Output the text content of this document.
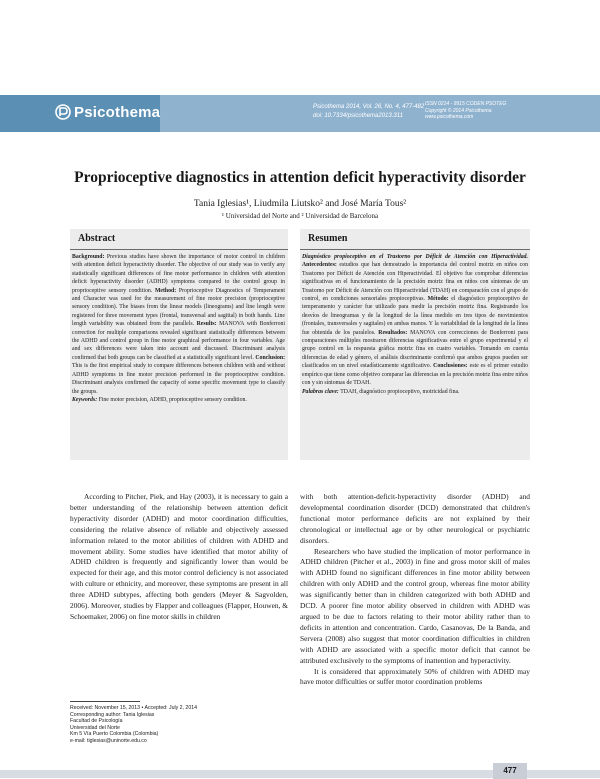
Psicothema	Psicothema 2014, Vol. 26, No. 4, 477-482
doi: 10.7334/psicothema2013.311
ISSN 0214 - 9915 CODEN PSOTEG
Copyright © 2014 Psicothema
www.psicothema.com
Proprioceptive diagnostics in attention deficit hyperactivity disorder
Tania Iglesias¹, Liudmila Liutsko² and José María Tous²
¹ Universidad del Norte and ² Universidad de Barcelona
Abstract
Background: Previous studies have shown the importance of motor control in children with attention deficit hyperactivity disorder. The objective of our study was to verify any statistically significant differences of fine motor performance in children with attention deficit hyperactivity disorder (ADHD) symptoms compared to the control group in proprioceptive sensory condition. Method: Proprioceptive Diagnostics of Temperament and Character was used for the measurement of fine motor precision (proprioceptive sensory condition). The biases from the linear models (lineograms) and line length were registered for three movement types (frontal, transversal and sagittal) in both hands. Line length variability was obtained from the parallels. Results: MANOVA with Bonferroni correction for multiple comparisons revealed significant statistically differences between the ADHD and control group in fine motor graphical performance in four variables. Age and sex differences were taken into account and discussed. Discriminant analysis confirmed that both groups can be classified at a statistically significant level. Conclusion: This is the first empirical study to compare differences between children with and without ADHD symptoms in fine motor precision performed in the proprioceptive condition. Discriminant analysis confirmed the capacity of some specific movement type to classify the groups.
Keywords: Fine motor precision, ADHD, proprioceptive sensory condition.
Resumen
Diagnóstico propioceptivo en el Trastorno por Déficit de Atención con Hiperactividad. Antecedentes: estudios que han demostrado la importancia del control motriz en niños con Trastorno por Déficit de Atención con Hiperactividad. El objetivo fue comprobar diferencias significativas en el funcionamiento de la precisión motriz fina en niños con síntomas de un Trastorno por Déficit de Atención con Hiperactividad (TDAH) en comparación con el grupo de control, en condiciones sensoriales propioceptivas. Método: el diagnóstico propioceptivo de temperamento y carácter fue utilizado para medir la precisión motriz fina. Registrando los desvíos de lineogramas y de la longitud de la línea medido en tres tipos de movimientos (frontales, transversales y sagitales) en ambas manos. Y la variabilidad de la longitud de la línea fue obtenida de los paralelos. Resultados: MANOVA con correcciones de Bonferroni para comparaciones múltiples mostraron diferencias significativas entre el grupo experimental y el grupo control en la respuesta gráfica motriz fina en cuatro variables. Tomando en cuenta diferencias de edad y género, el análisis discriminante confirmó que ambos grupos pueden ser clasificados en un nivel estadísticamente significativo. Conclusiones: este es el primer estudio empírico que tiene como objetivo comparar las diferencias en la precisión motriz fina entre niños con y sin síntomas de TDAH.
Palabras clave: TDAH, diagnóstico propioceptivo, motricidad fina.

According to Pitcher, Piek, and Hay (2003), it is necessary to gain a better understanding of the relationship between attention deficit hyperactivity disorder (ADHD) and motor coordination difficulties, considering the relative absence of reliable and objectively assessed information related to the motor abilities of children with ADHD and movement ability. Some studies have identified that motor ability of ADHD children is frequently and significantly lower than would be expected for their age, and this motor control deficiency is not associated with culture or ethnicity, and moreover, these symptoms are present in all three ADHD subtypes, affecting both genders (Meyer & Sagvolden, 2006). Moreover, studies by Flapper and colleagues (Flapper, Houwen, & Schoemaker, 2006) on fine motor skills in children

with both attention-deficit-hyperactivity disorder (ADHD) and developmental coordination disorder (DCD) demonstrated that children's functional motor performance deficits are not explained by their chronological or intellectual age or by other neurological or psychiatric disorders.

Researchers who have studied the implication of motor performance in ADHD children (Pitcher et al., 2003) in fine and gross motor skill of males with ADHD found no significant differences in fine motor ability between children with only ADHD and the control group, whereas fine motor ability was significantly better than in children categorized with both ADHD and DCD. A poorer fine motor ability observed in children with ADHD was argued to be due to factors relating to their motor ability rather than to deficits in attention and concentration. Cardo, Casanovas, De la Banda, and Servera (2008) also suggest that motor coordination difficulties in children with ADHD are associated with a specific motor deficit that cannot be attributed exclusively to the symptoms of inattention and hyperactivity.

It is considered that approximately 50% of children with ADHD may have motor difficulties or suffer motor coordination problems

Received: November 15, 2013 • Accepted: July 2, 2014
Corresponding author: Tania Iglesias
Facultad de Psicología
Universidad del Norte
Km 5 Vía Puerto Colombia (Colombia)
e-mail: tiglesias@uninorte.edu.co
477
